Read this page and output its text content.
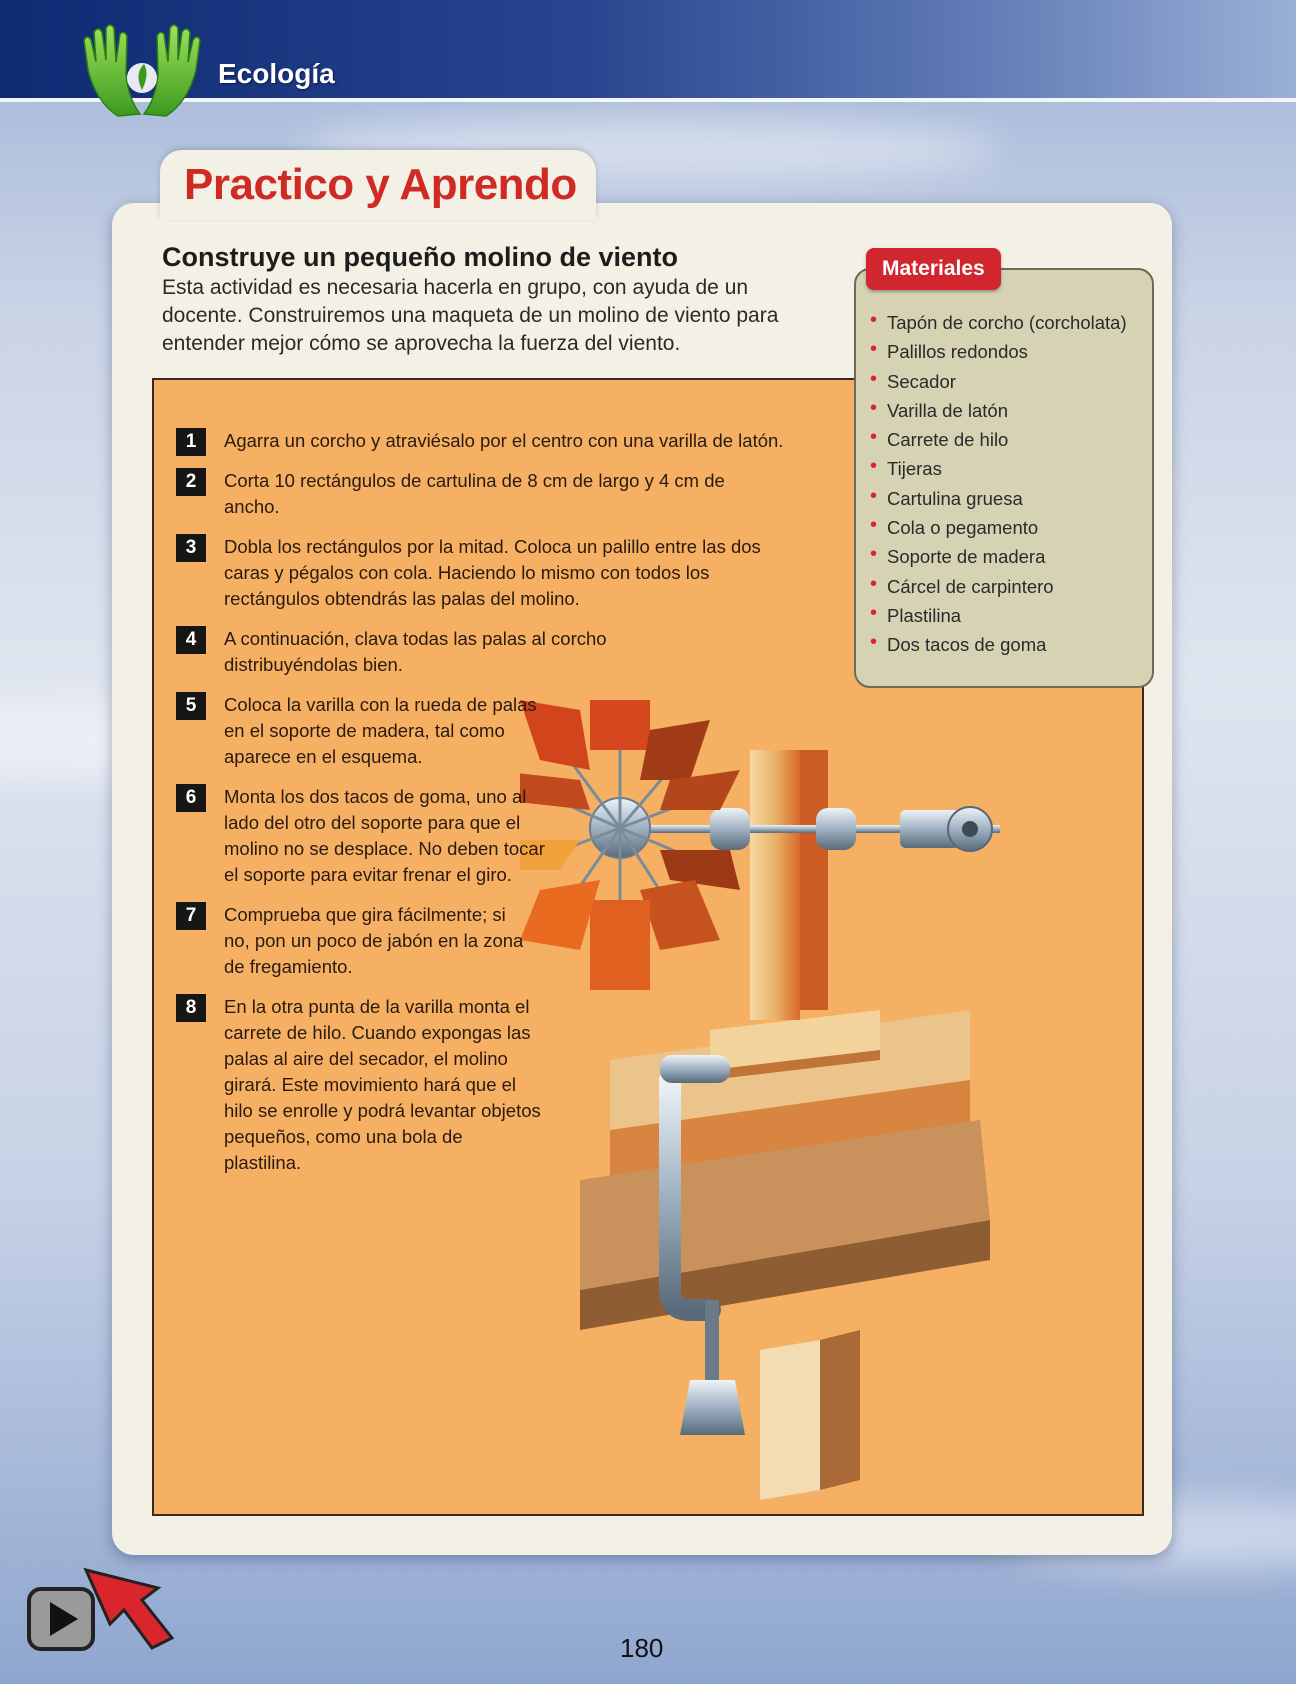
Ecología
Practico y Aprendo
Construye un pequeño molino de viento
Esta actividad es necesaria hacerla en grupo, con ayuda de un docente. Construiremos una maqueta de un molino de viento para entender mejor cómo se aprovecha la fuerza del viento.
1	Agarra un corcho y atraviésalo por el centro con una varilla de latón.
2	Corta 10 rectángulos de cartulina de 8 cm de largo y 4 cm de ancho.
3	Dobla los rectángulos por la mitad. Coloca un palillo entre las dos caras y pégalos con cola. Haciendo lo mismo con todos los rectángulos obtendrás las palas del molino.
4	A continuación, clava todas las palas al corcho distribuyéndolas bien.
5	Coloca la varilla con la rueda de palas en el soporte de madera, tal como aparece en el esquema.
6	Monta los dos tacos de goma, uno al lado del otro del soporte para que el molino no se desplace. No deben tocar el soporte para evitar frenar el giro.
7	Comprueba que gira fácilmente; si no, pon un poco de jabón en la zona de fregamiento.
8	En la otra punta de la varilla monta el carrete de hilo. Cuando expongas las palas al aire del secador, el molino girará. Este movimiento hará que el hilo se enrolle y podrá levantar objetos pequeños, como una bola de plastilina.
Materiales
• Tapón de corcho (corcholata)
• Palillos redondos
• Secador
• Varilla de latón
• Carrete de hilo
• Tijeras
• Cartulina gruesa
• Cola o pegamento
• Soporte de madera
• Cárcel de carpintero
• Plastilina
• Dos tacos de goma
180
